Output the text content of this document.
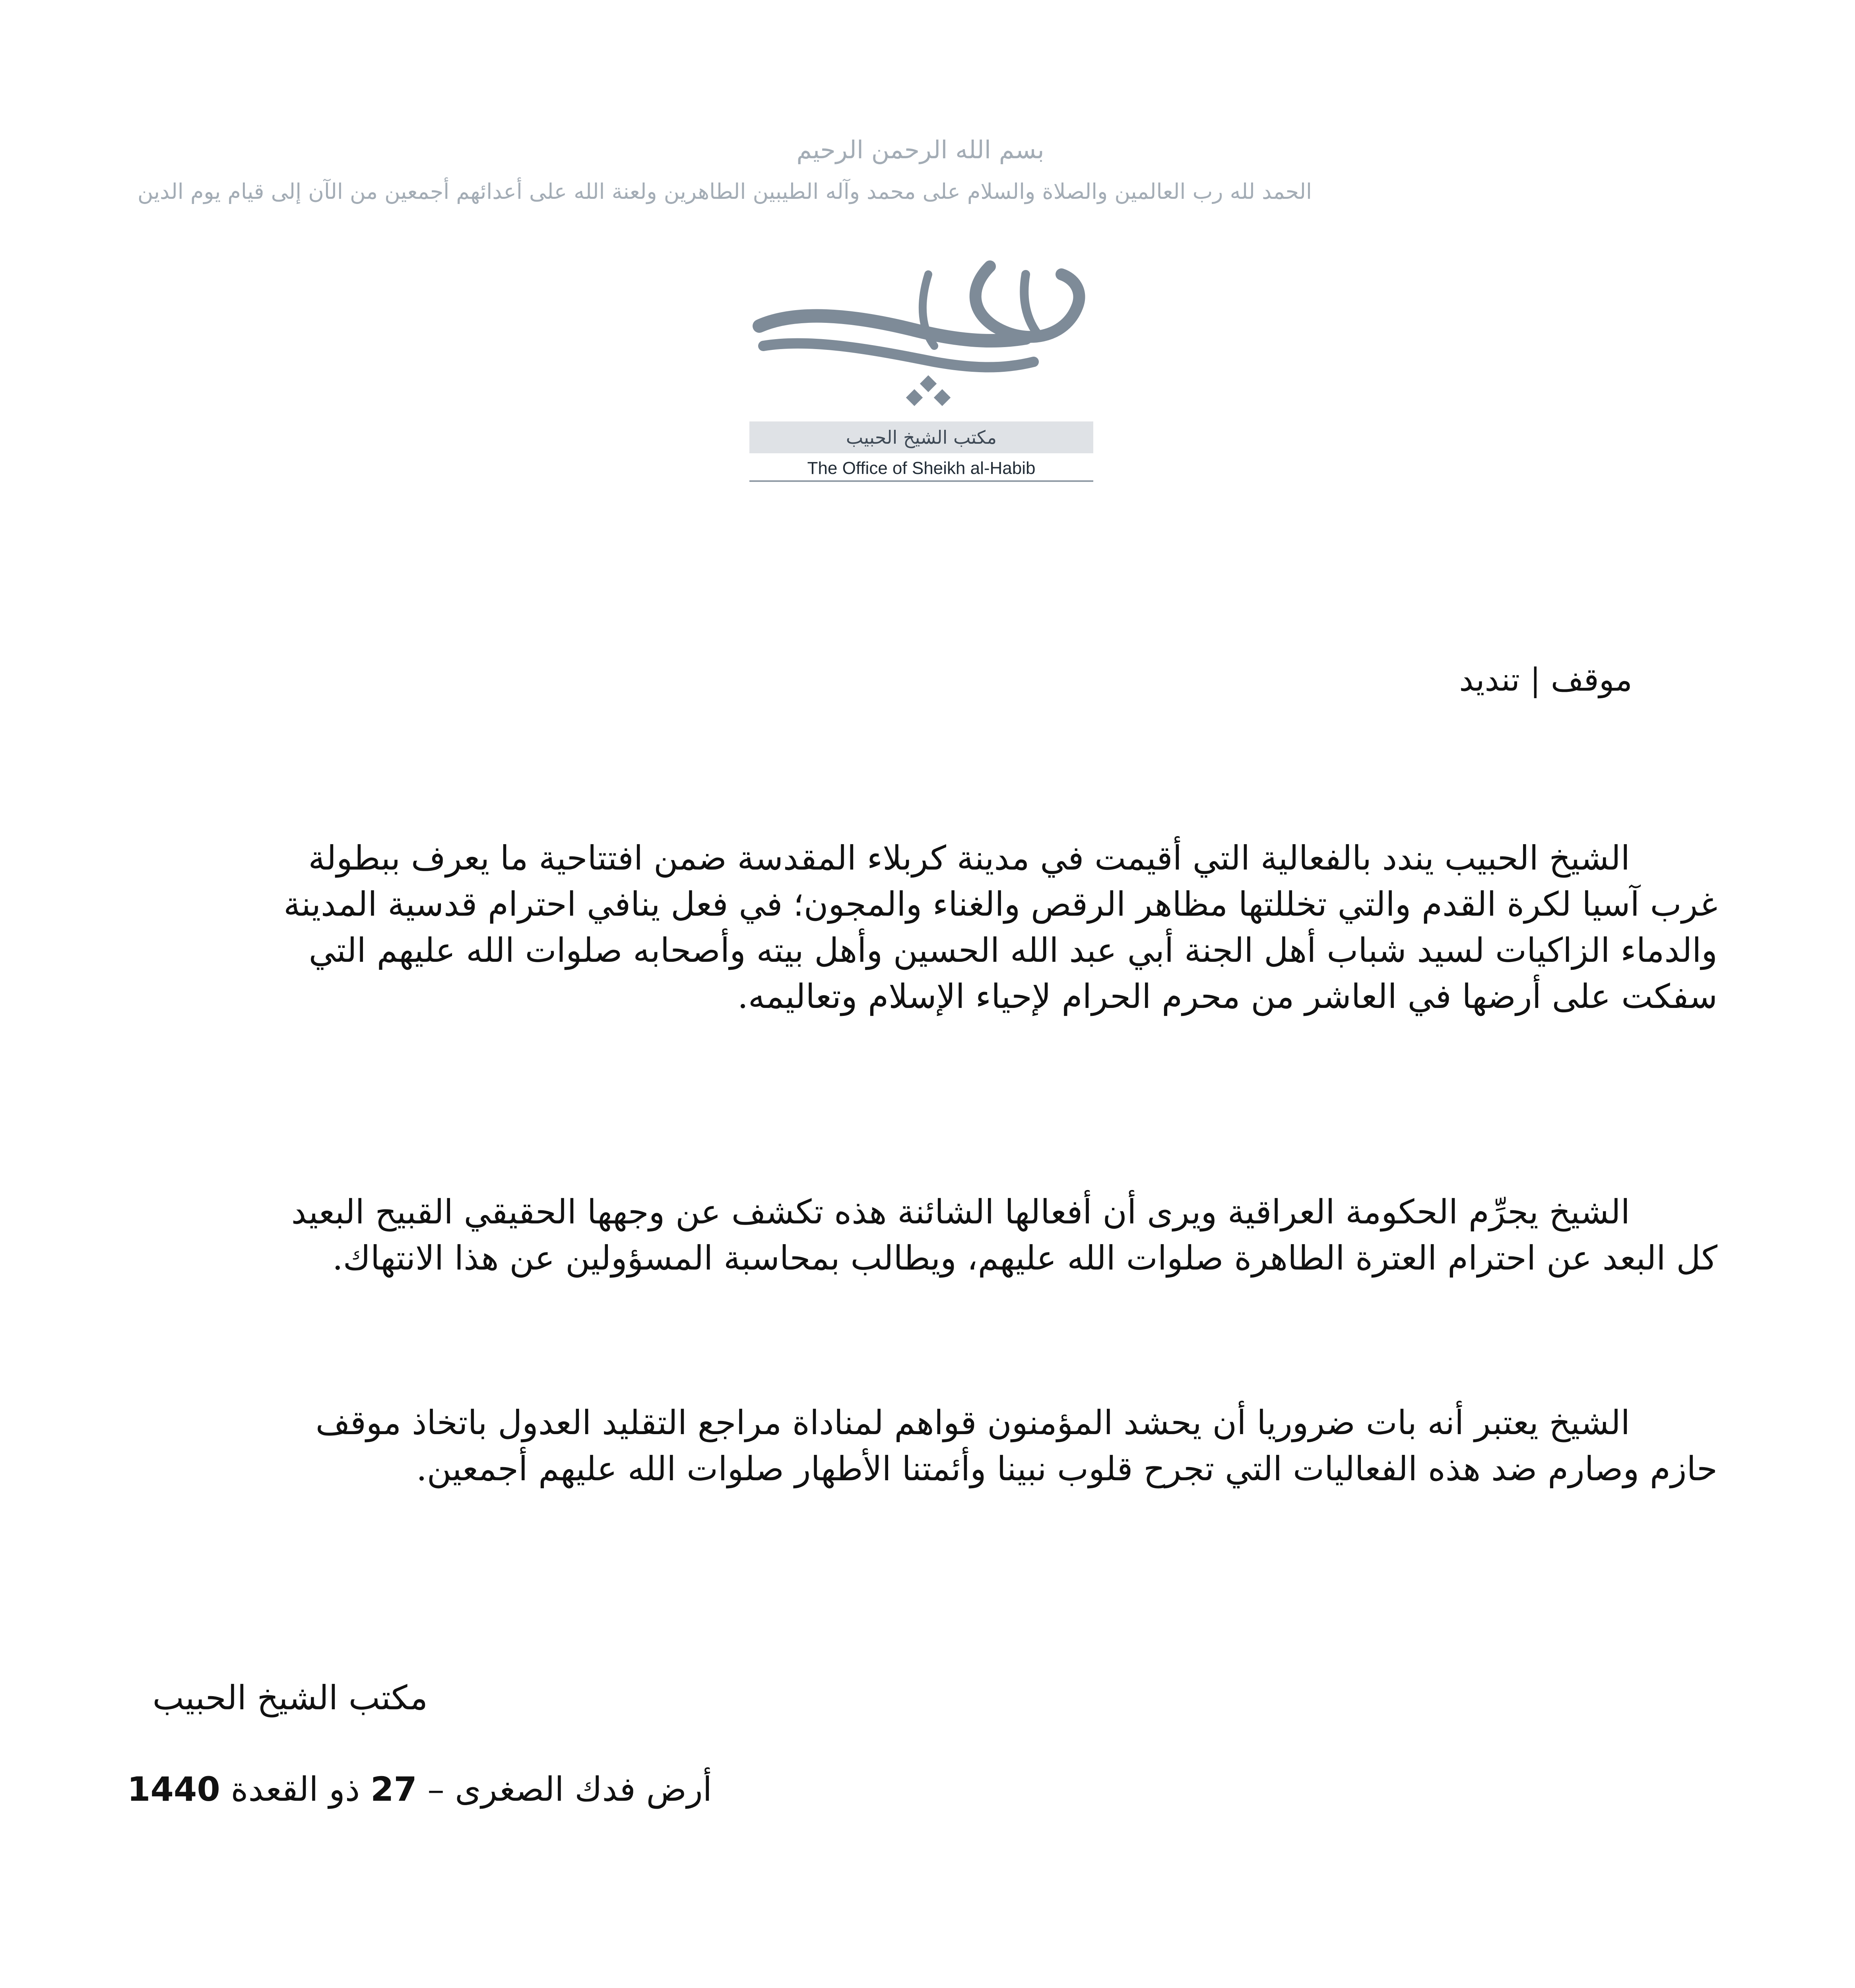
بسم الله الرحمن الرحيم
الحمد لله رب العالمين والصلاة والسلام على محمد وآله الطيبين الطاهرين ولعنة الله على أعدائهم أجمعين من الآن إلى قيام يوم الدين
مكتب الشيخ الحبيب
The Office of Sheikh al-Habib
موقف | تنديد
الشيخ الحبيب يندد بالفعالية التي أقيمت في مدينة كربلاء المقدسة ضمن افتتاحية ما يعرف ببطولة
غرب آسيا لكرة القدم والتي تخللتها مظاهر الرقص والغناء والمجون؛ في فعل ينافي احترام قدسية المدينة
والدماء الزاكيات لسيد شباب أهل الجنة أبي عبد الله الحسين وأهل بيته وأصحابه صلوات الله عليهم التي
سفكت على أرضها في العاشر من محرم الحرام لإحياء الإسلام وتعاليمه.
الشيخ يجرِّم الحكومة العراقية ويرى أن أفعالها الشائنة هذه تكشف عن وجهها الحقيقي القبيح البعيد
كل البعد عن احترام العترة الطاهرة صلوات الله عليهم، ويطالب بمحاسبة المسؤولين عن هذا الانتهاك.
الشيخ يعتبر أنه بات ضروريا أن يحشد المؤمنون قواهم لمناداة مراجع التقليد العدول باتخاذ موقف
حازم وصارم ضد هذه الفعاليات التي تجرح قلوب نبينا وأئمتنا الأطهار صلوات الله عليهم أجمعين.
مكتب الشيخ الحبيب
أرض فدك الصغرى – 27 ذو القعدة 1440
